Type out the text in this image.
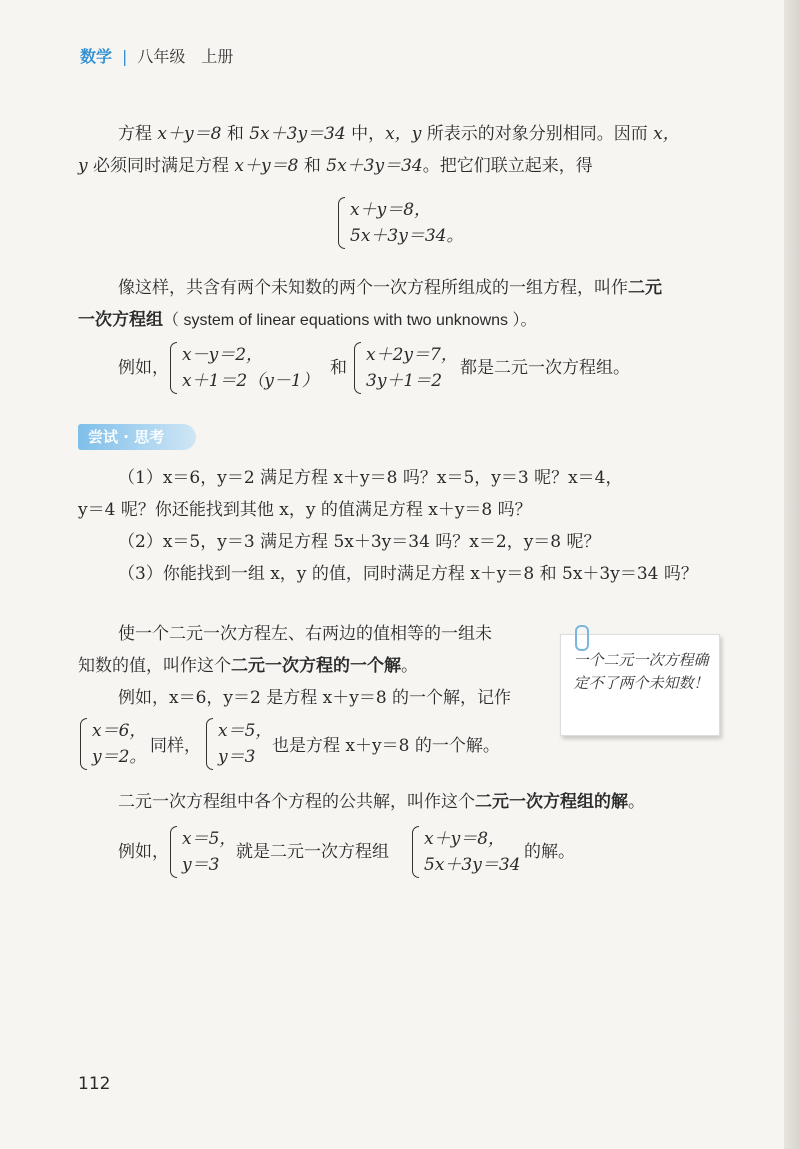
数学 | 八年级　上册
方程 x＋y＝8 和 5x＋3y＝34 中，x，y 所表示的对象分别相同。因而 x，
y 必须同时满足方程 x＋y＝8 和 5x＋3y＝34。把它们联立起来，得
x＋y＝8，
5x＋3y＝34。
像这样，共含有两个未知数的两个一次方程所组成的一组方程，叫作二元
一次方程组（ system of linear equations with two unknowns ）。
例如，
x－y＝2，
x＋1＝2（y－1）
和
x＋2y＝7，
3y＋1＝2
都是二元一次方程组。
尝试 · 思考
（1）x＝6，y＝2 满足方程 x＋y＝8 吗？x＝5，y＝3 呢？x＝4，
y＝4 呢？你还能找到其他 x，y 的值满足方程 x＋y＝8 吗？
（2）x＝5，y＝3 满足方程 5x＋3y＝34 吗？x＝2，y＝8 呢？
（3）你能找到一组 x，y 的值，同时满足方程 x＋y＝8 和 5x＋3y＝34 吗？
使一个二元一次方程左、右两边的值相等的一组未
知数的值，叫作这个二元一次方程的一个解。	一个二元一次方程确定不了两个未知数！
例如，x＝6，y＝2 是方程 x＋y＝8 的一个解，记作
x＝6，
y＝2。
同样，
x＝5，
y＝3
也是方程 x＋y＝8 的一个解。
二元一次方程组中各个方程的公共解，叫作这个二元一次方程组的解。
例如，
x＝5，
y＝3
就是二元一次方程组
x＋y＝8，
5x＋3y＝34
的解。
112
